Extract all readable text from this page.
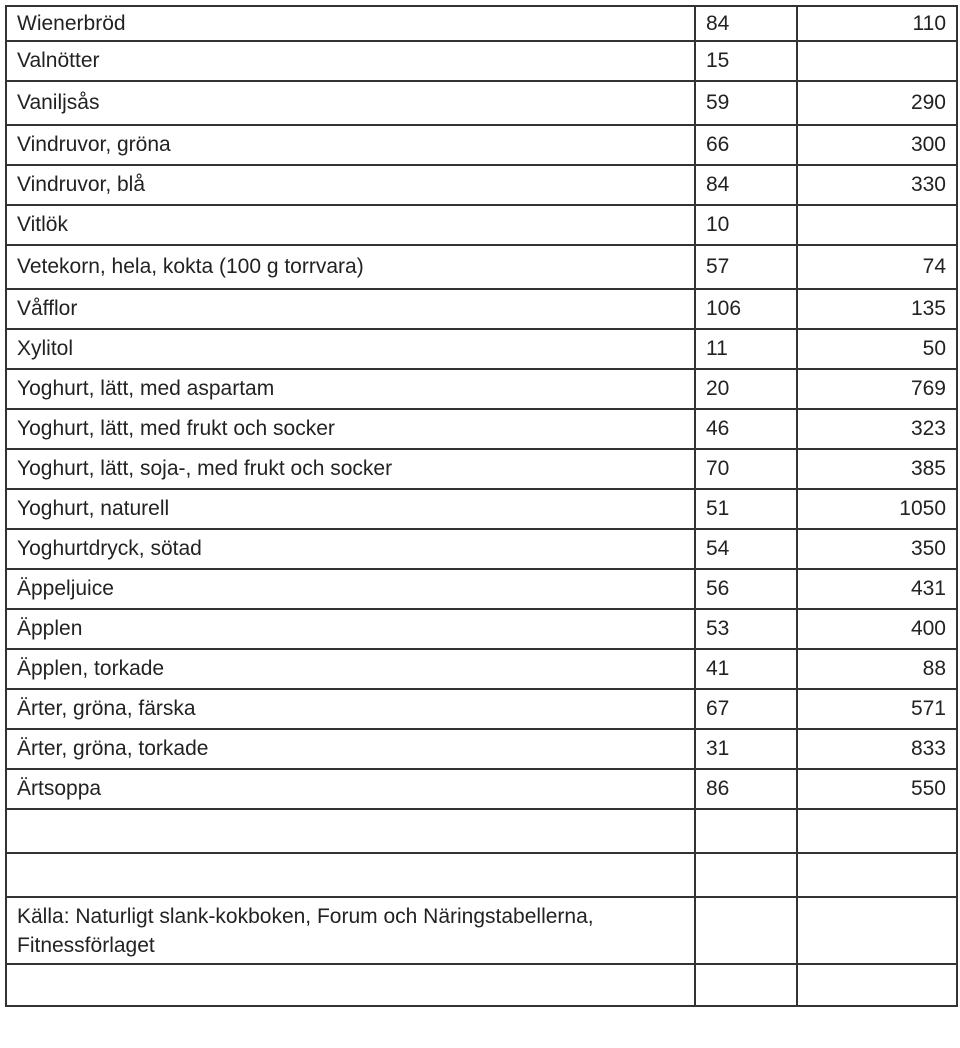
Wienerbröd	84	110
Valnötter	15	
Vaniljsås	59	290
Vindruvor, gröna	66	300
Vindruvor, blå	84	330
Vitlök	10	
Vetekorn, hela, kokta (100 g torrvara)	57	74
Våfflor	106	135
Xylitol	11	50
Yoghurt, lätt, med aspartam	20	769
Yoghurt, lätt, med frukt och socker	46	323
Yoghurt, lätt, soja-, med frukt och socker	70	385
Yoghurt, naturell	51	1050
Yoghurtdryck, sötad	54	350
Äppeljuice	56	431
Äpplen	53	400
Äpplen, torkade	41	88
Ärter, gröna, färska	67	571
Ärter, gröna, torkade	31	833
Ärtsoppa	86	550

Källa: Naturligt slank-kokboken, Forum och Näringstabellerna, Fitnessförlaget		
